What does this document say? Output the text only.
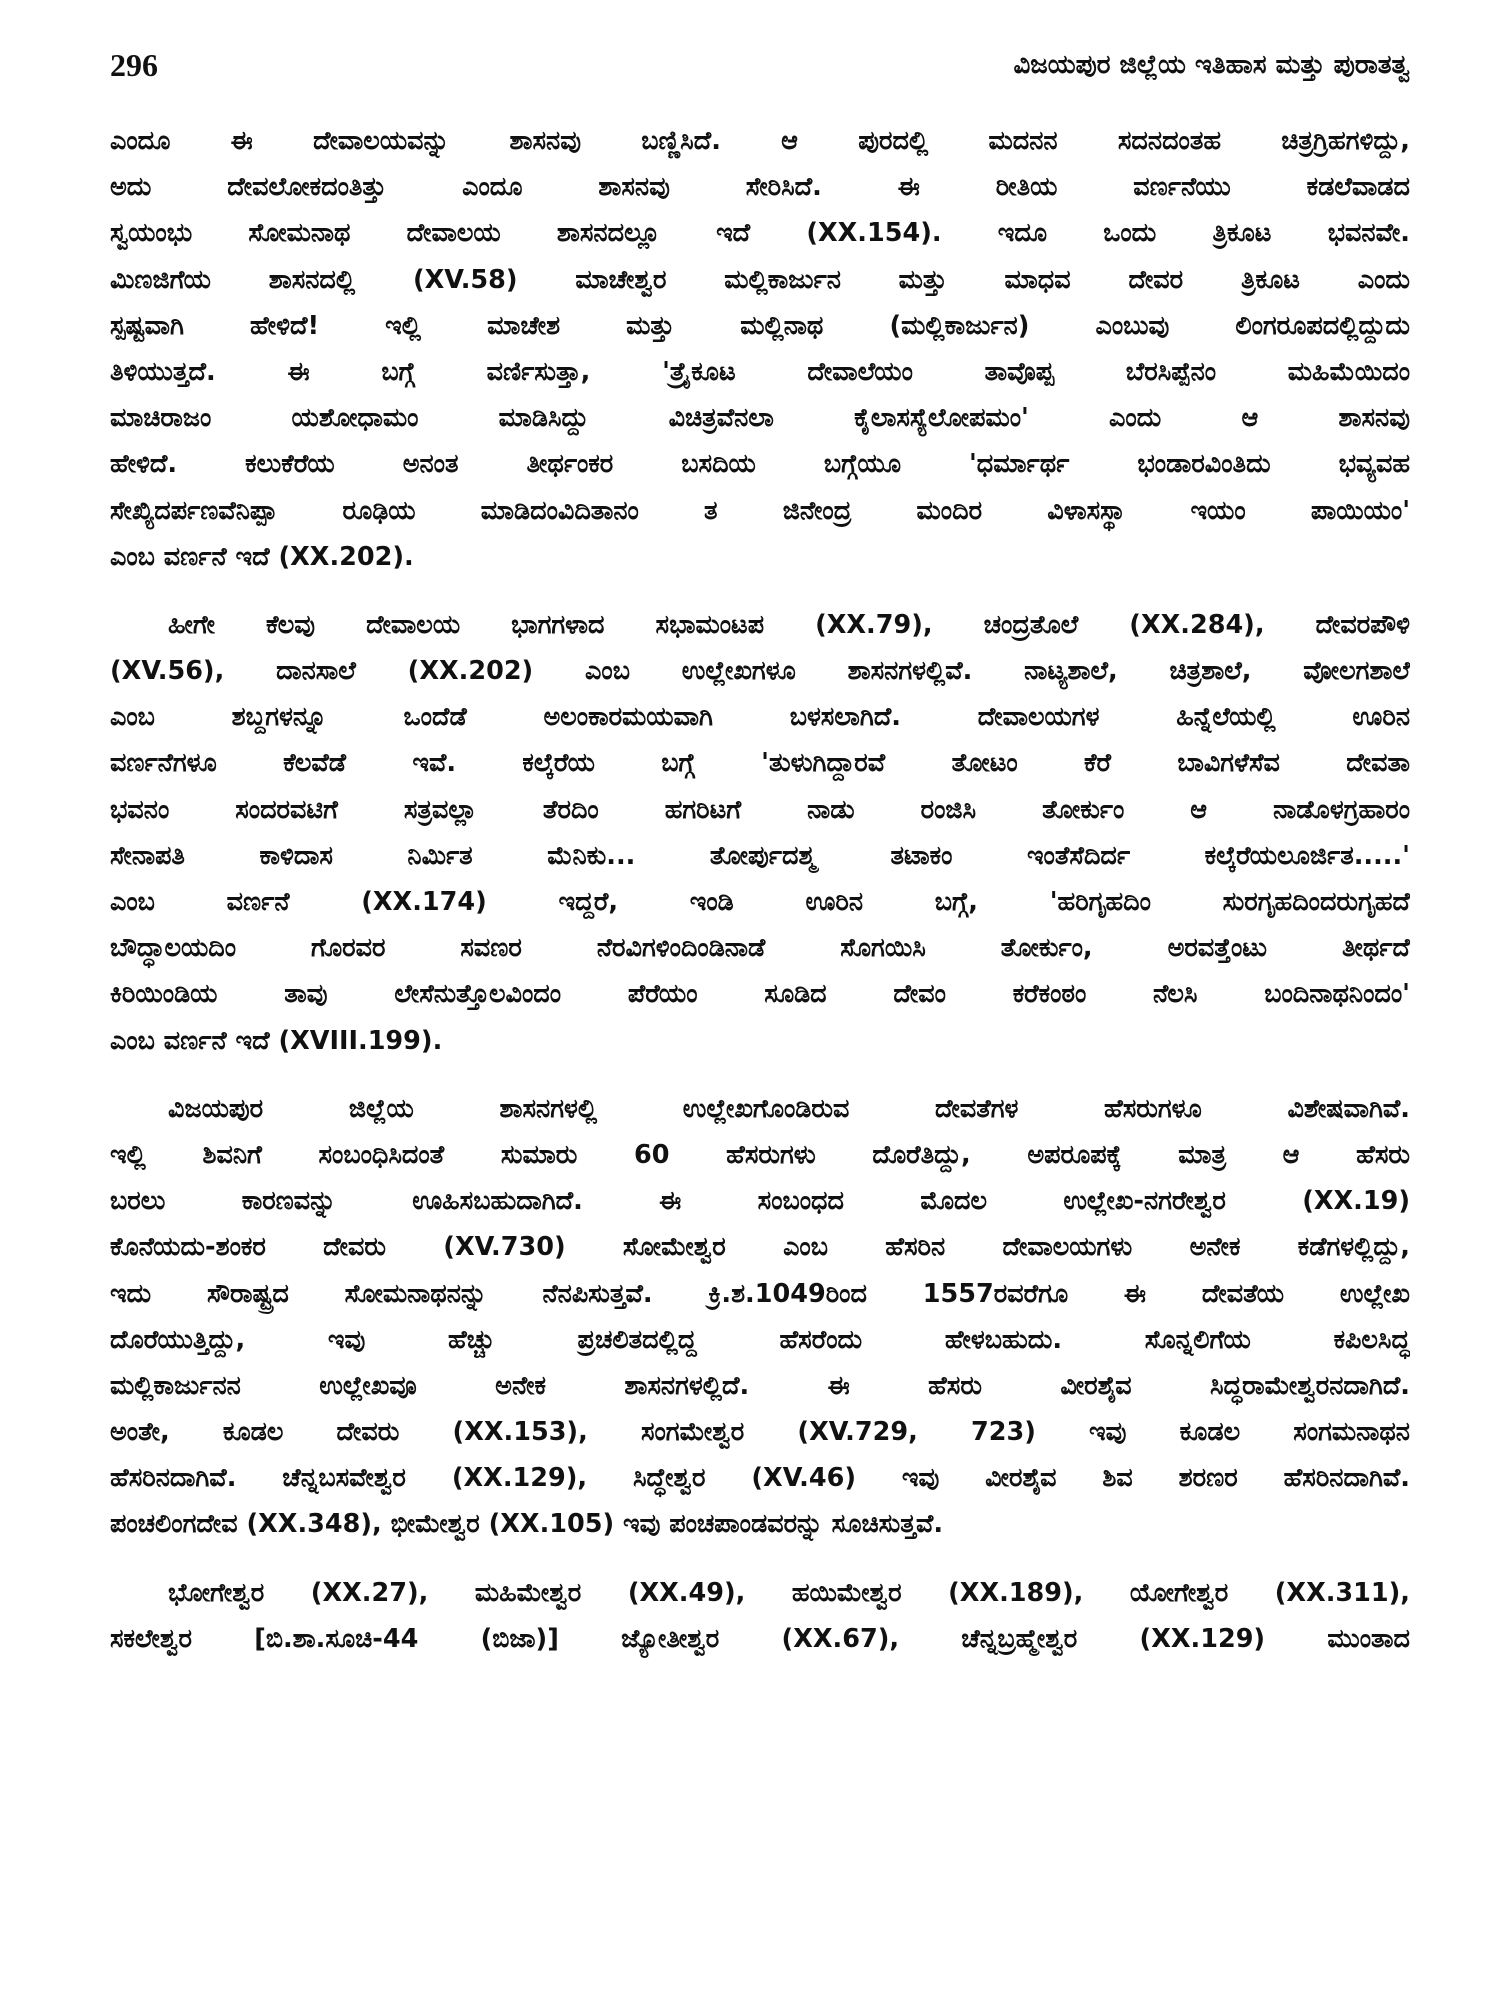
296	ವಿಜಯಪುರ ಜಿಲ್ಲೆಯ ಇತಿಹಾಸ ಮತ್ತು ಪುರಾತತ್ವ
ಎಂದೂ ಈ ದೇವಾಲಯವನ್ನು ಶಾಸನವು ಬಣ್ಣಿಸಿದೆ. ಆ ಪುರದಲ್ಲಿ ಮದನನ ಸದನದಂತಹ ಚಿತ್ರಗ್ರಿಹಗಳಿದ್ದು,
ಅದು ದೇವಲೋಕದಂತಿತ್ತು ಎಂದೂ ಶಾಸನವು ಸೇರಿಸಿದೆ. ಈ ರೀತಿಯ ವರ್ಣನೆಯು ಕಡಲೆವಾಡದ
ಸ್ವಯಂಭು ಸೋಮನಾಥ ದೇವಾಲಯ ಶಾಸನದಲ್ಲೂ ಇದೆ (XX.154). ಇದೂ ಒಂದು ತ್ರಿಕೂಟ ಭವನವೇ.
ಮಿಣಜಿಗೆಯ ಶಾಸನದಲ್ಲಿ (XV.58) ಮಾಚೇಶ್ವರ ಮಲ್ಲಿಕಾರ್ಜುನ ಮತ್ತು ಮಾಧವ ದೇವರ ತ್ರಿಕೂಟ ಎಂದು
ಸ್ಪಷ್ಟವಾಗಿ ಹೇಳಿದೆ! ಇಲ್ಲಿ ಮಾಚೇಶ ಮತ್ತು ಮಲ್ಲಿನಾಥ (ಮಲ್ಲಿಕಾರ್ಜುನ) ಎಂಬುವು ಲಿಂಗರೂಪದಲ್ಲಿದ್ದುದು
ತಿಳಿಯುತ್ತದೆ. ಈ ಬಗ್ಗೆ ವರ್ಣಿಸುತ್ತಾ, 'ತ್ರೈಕೂಟ ದೇವಾಲೆಯಂ ತಾವೊಪ್ಪ ಬೆರಸಿಪ್ಪೆನಂ ಮಹಿಮೆಯಿದಂ
ಮಾಚಿರಾಜಂ ಯಶೋಧಾಮಂ ಮಾಡಿಸಿದ್ದು ವಿಚಿತ್ರವೆನಲಾ ಕೈಲಾಸಸ್ಯೆಲೋಪಮಂ' ಎಂದು ಆ ಶಾಸನವು
ಹೇಳಿದೆ. ಕಲುಕೆರೆಯ ಅನಂತ ತೀರ್ಥಂಕರ ಬಸದಿಯ ಬಗ್ಗೆಯೂ 'ಧರ್ಮಾರ್ಥ ಭಂಡಾರವಿಂತಿದು ಭವ್ಯವಹ
ಸೇಖ್ಯಿದರ್ಪಣವೆನಿಪ್ಪಾ ರೂಢಿಯ ಮಾಡಿದಂವಿದಿತಾನಂ ತ ಜಿನೇಂದ್ರ ಮಂದಿರ ವಿಳಾಸಸ್ಥಾ ಇಯಂ ಪಾಯಿಯಂ'
ಎಂಬ ವರ್ಣನೆ ಇದೆ (XX.202).
ಹೀಗೇ ಕೆಲವು ದೇವಾಲಯ ಭಾಗಗಳಾದ ಸಭಾಮಂಟಪ (XX.79), ಚಂದ್ರತೊಲೆ (XX.284), ದೇವರಪೌಳಿ
(XV.56), ದಾನಸಾಲೆ (XX.202) ಎಂಬ ಉಲ್ಲೇಖಗಳೂ ಶಾಸನಗಳಲ್ಲಿವೆ. ನಾಟ್ಯಶಾಲೆ, ಚಿತ್ರಶಾಲೆ, ವೋಲಗಶಾಲೆ
ಎಂಬ ಶಬ್ದಗಳನ್ನೂ ಒಂದೆಡೆ ಅಲಂಕಾರಮಯವಾಗಿ ಬಳಸಲಾಗಿದೆ. ದೇವಾಲಯಗಳ ಹಿನ್ನೆಲೆಯಲ್ಲಿ ಊರಿನ
ವರ್ಣನೆಗಳೂ ಕೆಲವೆಡೆ ಇವೆ. ಕಲ್ಕೆರೆಯ ಬಗ್ಗೆ 'ತುಳುಗಿದ್ದಾರವೆ ತೋಟಂ ಕೆರೆ ಬಾವಿಗಳೆಸೆವ ದೇವತಾ
ಭವನಂ ಸಂದರವಟಿಗೆ ಸತ್ರವಲ್ಲಾ ತೆರದಿಂ ಹಗರಿಟಗೆ ನಾಡು ರಂಜಿಸಿ ತೋರ್ಕುಂ ಆ ನಾಡೊಳಗ್ರಹಾರಂ
ಸೇನಾಪತಿ ಕಾಳಿದಾಸ ನಿರ್ಮಿತ ಮೆನಿಕು... ತೋರ್ಪುದಶ್ಮ ತಟಾಕಂ ಇಂತೆಸೆದಿರ್ದ ಕಲ್ಕೆರೆಯಲೂರ್ಜಿತ.....'
ಎಂಬ ವರ್ಣನೆ (XX.174) ಇದ್ದರೆ, ಇಂಡಿ ಊರಿನ ಬಗ್ಗೆ, 'ಹರಿಗೃಹದಿಂ ಸುರಗೃಹದಿಂದರುಗೃಹದೆ
ಬೌದ್ಧಾಲಯದಿಂ ಗೊರವರ ಸವಣರ ನೆರವಿಗಳಿಂದಿಂಡಿನಾಡೆ ಸೊಗಯಿಸಿ ತೋರ್ಕುಂ, ಅರವತ್ತೆಂಟು ತೀರ್ಥದೆ
ಕಿರಿಯಿಂಡಿಯ ತಾವು ಲೇಸೆನುತ್ತೊಲವಿಂದಂ ಪೆರೆಯಂ ಸೂಡಿದ ದೇವಂ ಕರೆಕಂಠಂ ನೆಲಸಿ ಬಂದಿನಾಥನಿಂದಂ'
ಎಂಬ ವರ್ಣನೆ ಇದೆ (XVIII.199).
ವಿಜಯಪುರ ಜಿಲ್ಲೆಯ ಶಾಸನಗಳಲ್ಲಿ ಉಲ್ಲೇಖಗೊಂಡಿರುವ ದೇವತೆಗಳ ಹೆಸರುಗಳೂ ವಿಶೇಷವಾಗಿವೆ.
ಇಲ್ಲಿ ಶಿವನಿಗೆ ಸಂಬಂಧಿಸಿದಂತೆ ಸುಮಾರು 60 ಹೆಸರುಗಳು ದೊರೆತಿದ್ದು, ಅಪರೂಪಕ್ಕೆ ಮಾತ್ರ ಆ ಹೆಸರು
ಬರಲು ಕಾರಣವನ್ನು ಊಹಿಸಬಹುದಾಗಿದೆ. ಈ ಸಂಬಂಧದ ಮೊದಲ ಉಲ್ಲೇಖ-ನಗರೇಶ್ವರ (XX.19)
ಕೊನೆಯದು-ಶಂಕರ ದೇವರು (XV.730) ಸೋಮೇಶ್ವರ ಎಂಬ ಹೆಸರಿನ ದೇವಾಲಯಗಳು ಅನೇಕ ಕಡೆಗಳಲ್ಲಿದ್ದು,
ಇದು ಸೌರಾಷ್ಟ್ರದ ಸೋಮನಾಥನನ್ನು ನೆನಪಿಸುತ್ತವೆ. ಕ್ರಿ.ಶ.1049ರಿಂದ 1557ರವರೆಗೂ ಈ ದೇವತೆಯ ಉಲ್ಲೇಖ
ದೊರೆಯುತ್ತಿದ್ದು, ಇವು ಹೆಚ್ಚು ಪ್ರಚಲಿತದಲ್ಲಿದ್ದ ಹೆಸರೆಂದು ಹೇಳಬಹುದು. ಸೊನ್ನಲಿಗೆಯ ಕಪಿಲಸಿದ್ಧ
ಮಲ್ಲಿಕಾರ್ಜುನನ ಉಲ್ಲೇಖವೂ ಅನೇಕ ಶಾಸನಗಳಲ್ಲಿದೆ. ಈ ಹೆಸರು ವೀರಶೈವ ಸಿದ್ಧರಾಮೇಶ್ವರನದಾಗಿದೆ.
ಅಂತೇ, ಕೂಡಲ ದೇವರು (XX.153), ಸಂಗಮೇಶ್ವರ (XV.729, 723) ಇವು ಕೂಡಲ ಸಂಗಮನಾಥನ
ಹೆಸರಿನದಾಗಿವೆ. ಚೆನ್ನಬಸವೇಶ್ವರ (XX.129), ಸಿದ್ಧೇಶ್ವರ (XV.46) ಇವು ವೀರಶೈವ ಶಿವ ಶರಣರ ಹೆಸರಿನದಾಗಿವೆ.
ಪಂಚಲಿಂಗದೇವ (XX.348), ಭೀಮೇಶ್ವರ (XX.105) ಇವು ಪಂಚಪಾಂಡವರನ್ನು ಸೂಚಿಸುತ್ತವೆ.
ಭೋಗೇಶ್ವರ (XX.27), ಮಹಿಮೇಶ್ವರ (XX.49), ಹಯಿಮೇಶ್ವರ (XX.189), ಯೋಗೇಶ್ವರ (XX.311),
ಸಕಲೇಶ್ವರ [ಬಿ.ಶಾ.ಸೂಚಿ-44 (ಬಿಜಾ)] ಜ್ಯೋತೀಶ್ವರ (XX.67), ಚೆನ್ನಬ್ರಹ್ಮೇಶ್ವರ (XX.129) ಮುಂತಾದ
